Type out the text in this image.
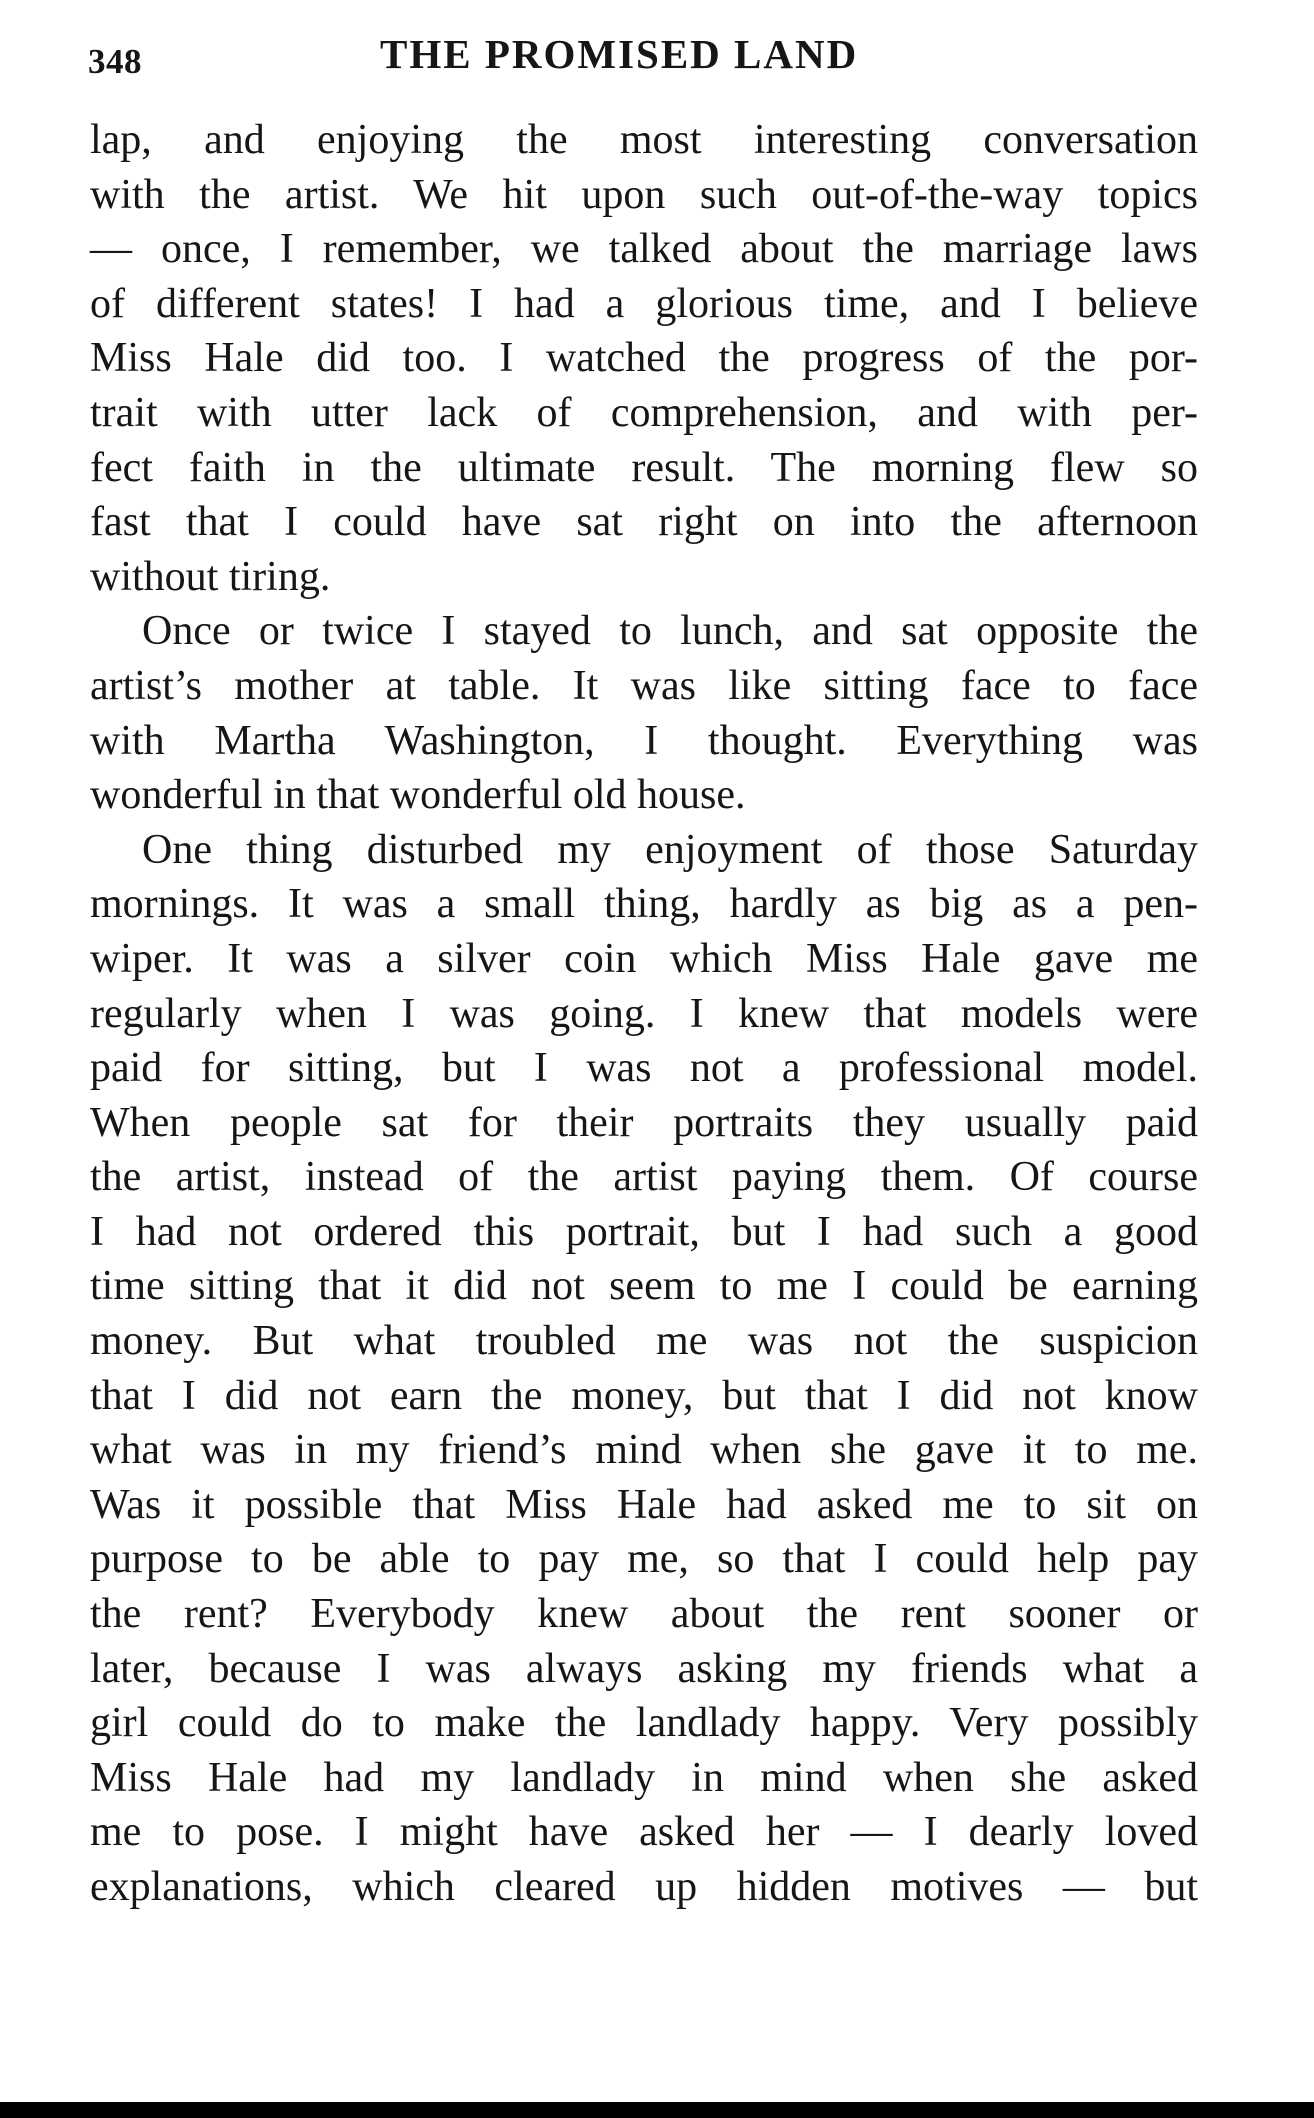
348	THE PROMISED LAND
lap, and enjoying the most interesting conversation
with the artist. We hit upon such out-of-the-way topics
— once, I remember, we talked about the marriage laws
of different states! I had a glorious time, and I believe
Miss Hale did too. I watched the progress of the por-
trait with utter lack of comprehension, and with per-
fect faith in the ultimate result. The morning flew so
fast that I could have sat right on into the afternoon
without tiring.
Once or twice I stayed to lunch, and sat opposite the
artist’s mother at table. It was like sitting face to face
with Martha Washington, I thought. Everything was
wonderful in that wonderful old house.
One thing disturbed my enjoyment of those Saturday
mornings. It was a small thing, hardly as big as a pen-
wiper. It was a silver coin which Miss Hale gave me
regularly when I was going. I knew that models were
paid for sitting, but I was not a professional model.
When people sat for their portraits they usually paid
the artist, instead of the artist paying them. Of course
I had not ordered this portrait, but I had such a good
time sitting that it did not seem to me I could be earning
money. But what troubled me was not the suspicion
that I did not earn the money, but that I did not know
what was in my friend’s mind when she gave it to me.
Was it possible that Miss Hale had asked me to sit on
purpose to be able to pay me, so that I could help pay
the rent? Everybody knew about the rent sooner or
later, because I was always asking my friends what a
girl could do to make the landlady happy. Very possibly
Miss Hale had my landlady in mind when she asked
me to pose. I might have asked her — I dearly loved
explanations, which cleared up hidden motives — but
